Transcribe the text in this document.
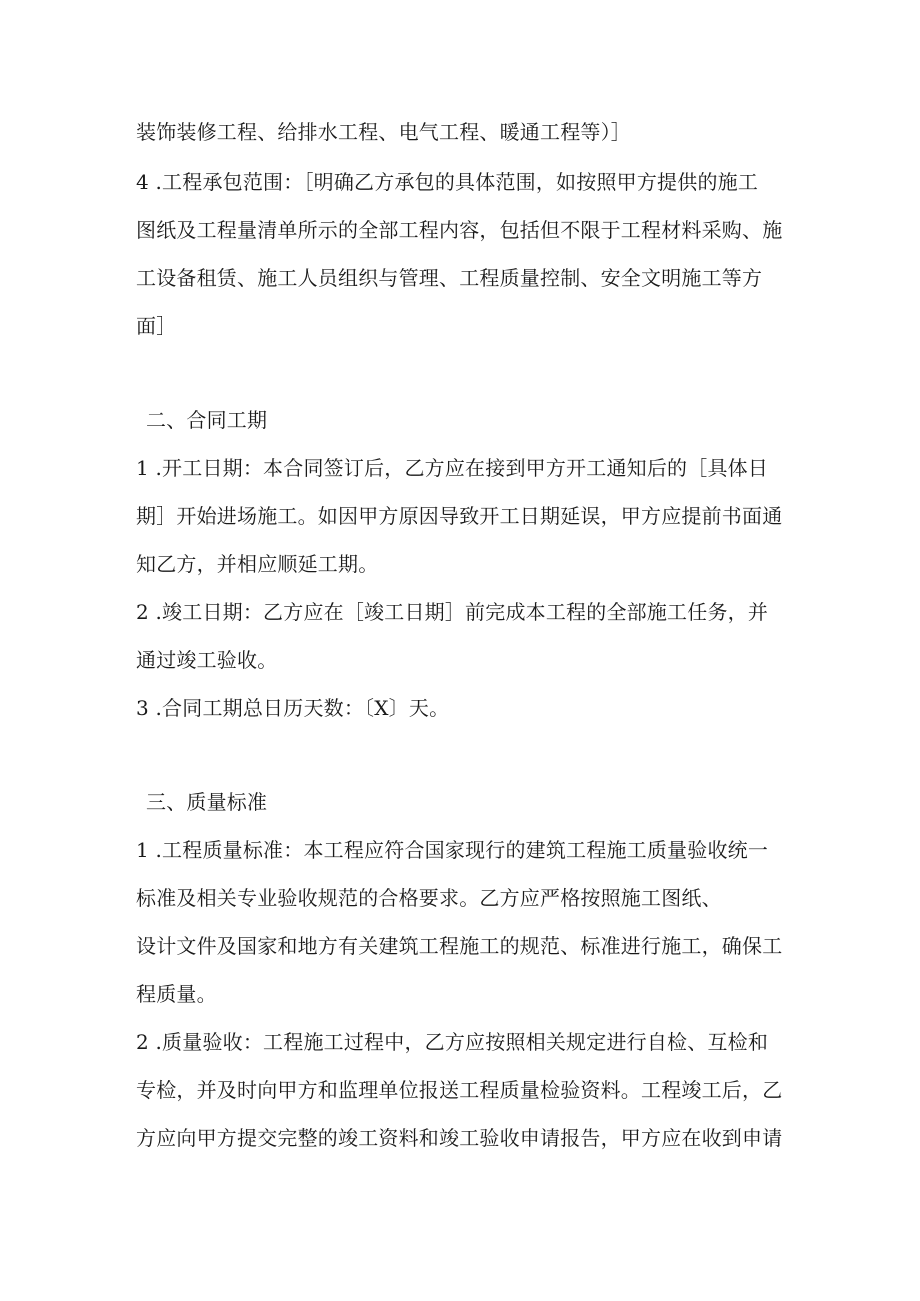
装饰装修工程、给排水工程、电气工程、暖通工程等）］
4 .工程承包范围：［明确乙方承包的具体范围，如按照甲方提供的施工
图纸及工程量清单所示的全部工程内容，包括但不限于工程材料采购、施
工设备租赁、施工人员组织与管理、工程质量控制、安全文明施工等方
面］
二、合同工期
1 .开工日期：本合同签订后，乙方应在接到甲方开工通知后的［具体日
期］开始进场施工。如因甲方原因导致开工日期延误，甲方应提前书面通
知乙方，并相应顺延工期。
2 .竣工日期：乙方应在［竣工日期］前完成本工程的全部施工任务，并
通过竣工验收。
3 .合同工期总日历天数：〔X〕天。
三、质量标准
1 .工程质量标准：本工程应符合国家现行的建筑工程施工质量验收统一
标准及相关专业验收规范的合格要求。乙方应严格按照施工图纸、
设计文件及国家和地方有关建筑工程施工的规范、标准进行施工，确保工
程质量。
2 .质量验收：工程施工过程中，乙方应按照相关规定进行自检、互检和
专检，并及时向甲方和监理单位报送工程质量检验资料。工程竣工后，乙
方应向甲方提交完整的竣工资料和竣工验收申请报告，甲方应在收到申请
